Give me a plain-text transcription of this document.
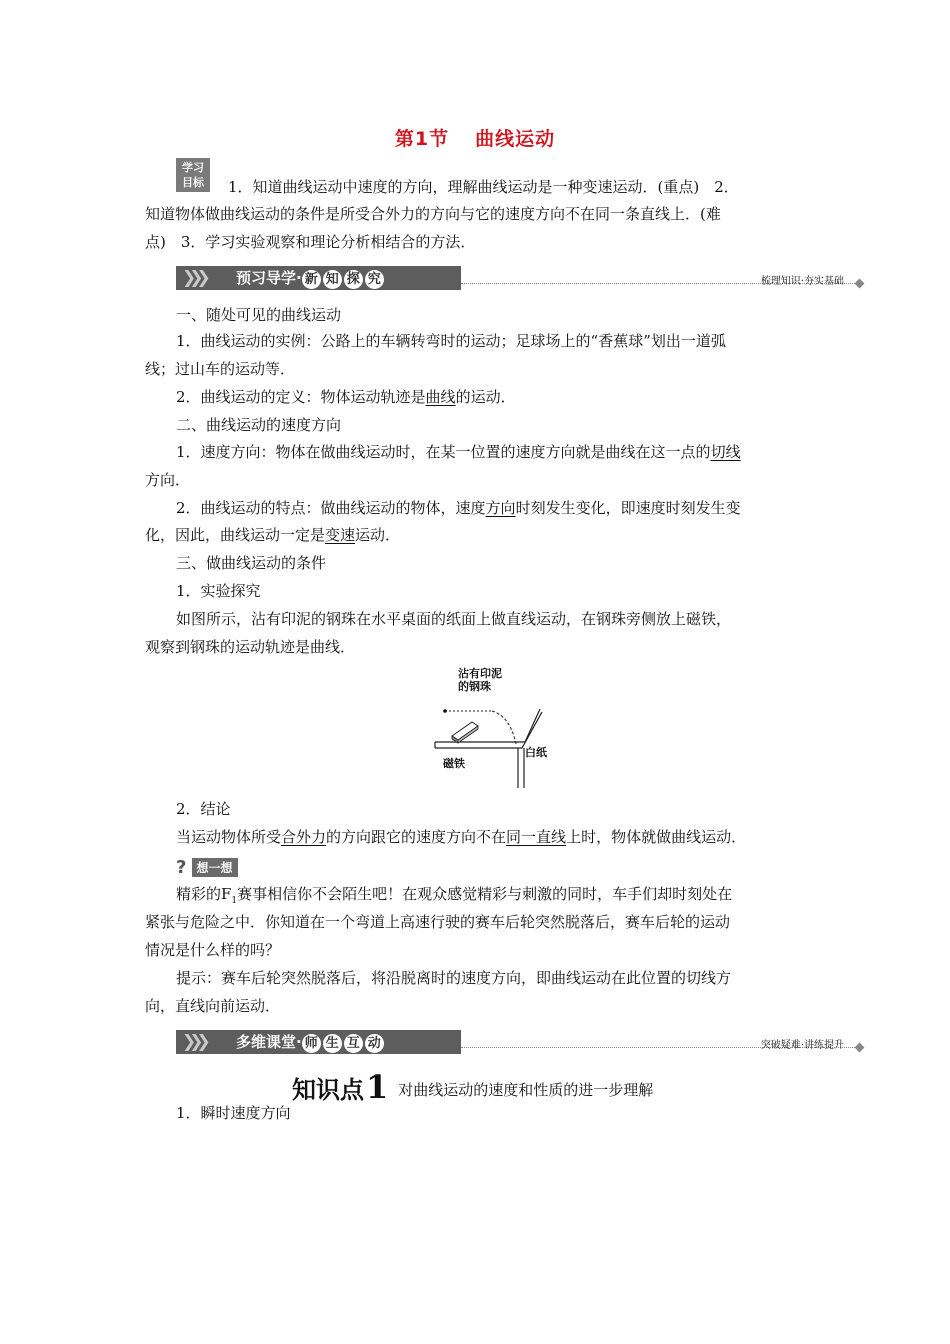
第1节 曲线运动
学习
目标	1．知道曲线运动中速度的方向，理解曲线运动是一种变速运动．(重点)　2．
知道物体做曲线运动的条件是所受合外力的方向与它的速度方向不在同一条直线上．(难
点)　3．学习实验观察和理论分析相结合的方法．
❯❯❯ 预习导学· 新 知 探 究	梳理知识·夯实基础
一、随处可见的曲线运动
1．曲线运动的实例：公路上的车辆转弯时的运动；足球场上的“香蕉球”划出一道弧
线；过山车的运动等．
2．曲线运动的定义：物体运动轨迹是曲线的运动．
二、曲线运动的速度方向
1．速度方向：物体在做曲线运动时，在某一位置的速度方向就是曲线在这一点的切线
方向．
2．曲线运动的特点：做曲线运动的物体，速度方向时刻发生变化，即速度时刻发生变
化，因此，曲线运动一定是变速运动．
三、做曲线运动的条件
1．实验探究
如图所示，沾有印泥的钢珠在水平桌面的纸面上做直线运动，在钢珠旁侧放上磁铁，
观察到钢珠的运动轨迹是曲线．
沾有印泥
的钢珠
磁铁
白纸
2．结论
当运动物体所受合外力的方向跟它的速度方向不在同一直线上时，物体就做曲线运动．
? 想一想
精彩的$F_1$赛事相信你不会陌生吧！在观众感觉精彩与刺激的同时，车手们却时刻处在
紧张与危险之中．你知道在一个弯道上高速行驶的赛车后轮突然脱落后，赛车后轮的运动
情况是什么样的吗？
提示：赛车后轮突然脱落后，将沿脱离时的速度方向，即曲线运动在此位置的切线方
向，直线向前运动．
❯❯❯ 多维课堂· 师 生 互 动	突破疑难·讲练提升
知识点1 对曲线运动的速度和性质的进一步理解
1．瞬时速度方向
